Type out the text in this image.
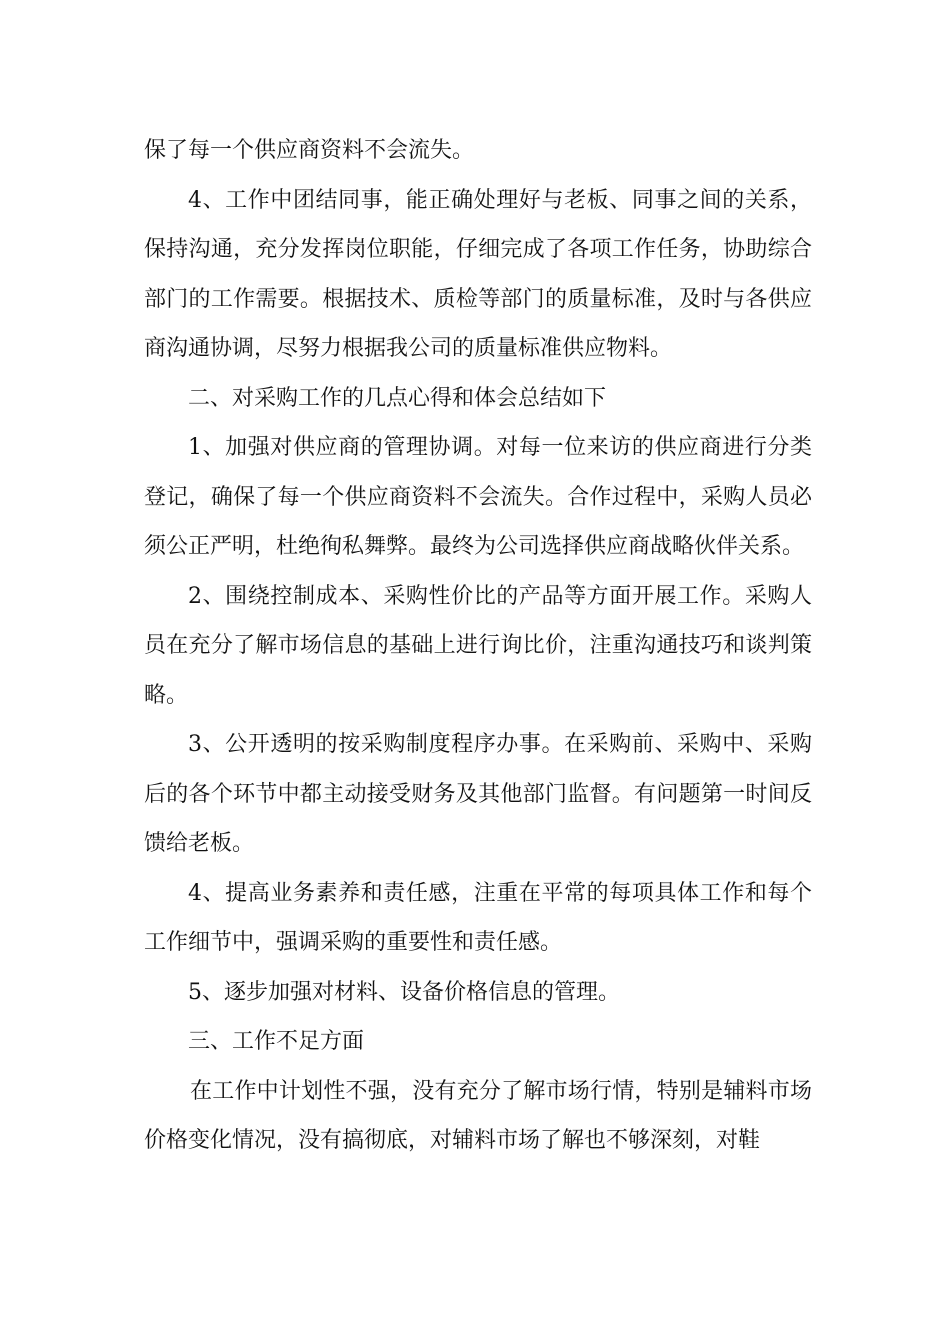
保了每一个供应商资料不会流失。

4、工作中团结同事，能正确处理好与老板、同事之间的关系，保持沟通，充分发挥岗位职能，仔细完成了各项工作任务，协助综合部门的工作需要。根据技术、质检等部门的质量标准，及时与各供应商沟通协调，尽努力根据我公司的质量标准供应物料。

二、对采购工作的几点心得和体会总结如下

1、加强对供应商的管理协调。对每一位来访的供应商进行分类登记，确保了每一个供应商资料不会流失。合作过程中，采购人员必须公正严明，杜绝徇私舞弊。最终为公司选择供应商战略伙伴关系。

2、围绕控制成本、采购性价比的产品等方面开展工作。采购人员在充分了解市场信息的基础上进行询比价，注重沟通技巧和谈判策略。

3、公开透明的按采购制度程序办事。在采购前、采购中、采购后的各个环节中都主动接受财务及其他部门监督。有问题第一时间反馈给老板。

4、提高业务素养和责任感，注重在平常的每项具体工作和每个工作细节中，强调采购的重要性和责任感。

5、逐步加强对材料、设备价格信息的管理。

三、工作不足方面

在工作中计划性不强，没有充分了解市场行情，特别是辅料市场价格变化情况，没有搞彻底，对辅料市场了解也不够深刻，对鞋
